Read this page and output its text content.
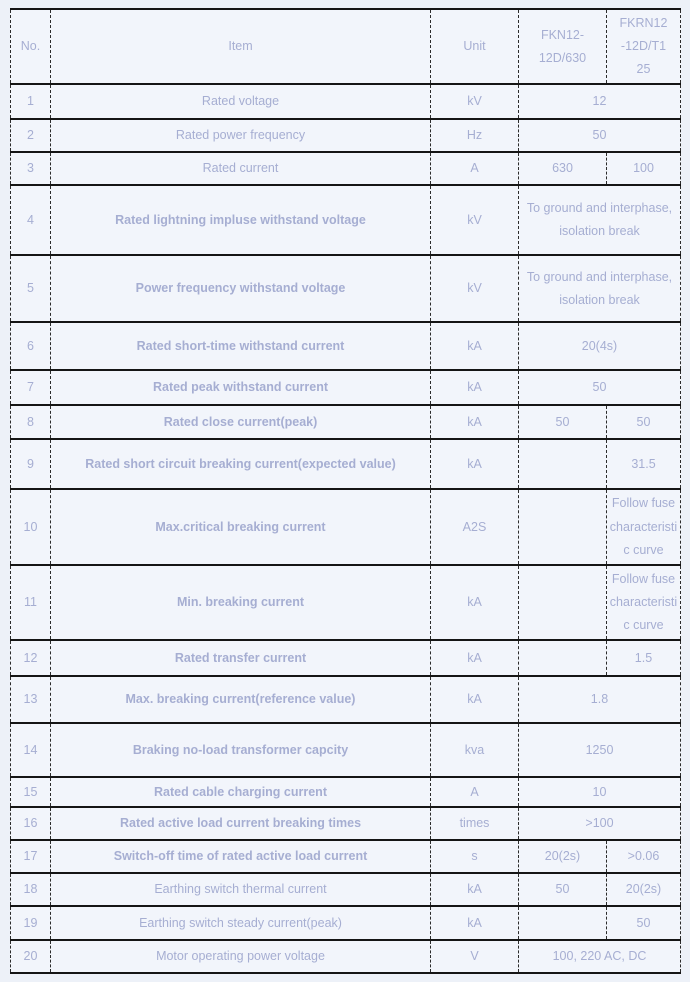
No.	Item	Unit	FKN12-12D/630	FKRN12-12D/T125
1	Rated voltage	kV	12	
2	Rated power frequency	Hz	50	
3	Rated current	A	630	100
4	Rated lightning impluse withstand voltage	kV	To ground and interphase, isolation break	
5	Power frequency withstand voltage	kV	To ground and interphase, isolation break	
6	Rated short-time withstand current	kA	20(4s)	
7	Rated peak withstand current	kA	50	
8	Rated close current(peak)	kA	50	50
9	Rated short circuit breaking current(expected value)	kA		31.5
10	Max.critical breaking current	A2S		Follow fuse characteristic curve
11	Min. breaking current	kA		Follow fuse characteristic curve
12	Rated transfer current	kA		1.5
13	Max. breaking current(reference value)	kA	1.8	
14	Braking no-load transformer capcity	kva	1250	
15	Rated cable charging current	A	10	
16	Rated active load current breaking times	times	>100	
17	Switch-off time of rated active load current	s	20(2s)	>0.06
18	Earthing switch thermal current	kA	50	20(2s)
19	Earthing switch steady current(peak)	kA		50
20	Motor operating power voltage	V	100, 220 AC, DC	
